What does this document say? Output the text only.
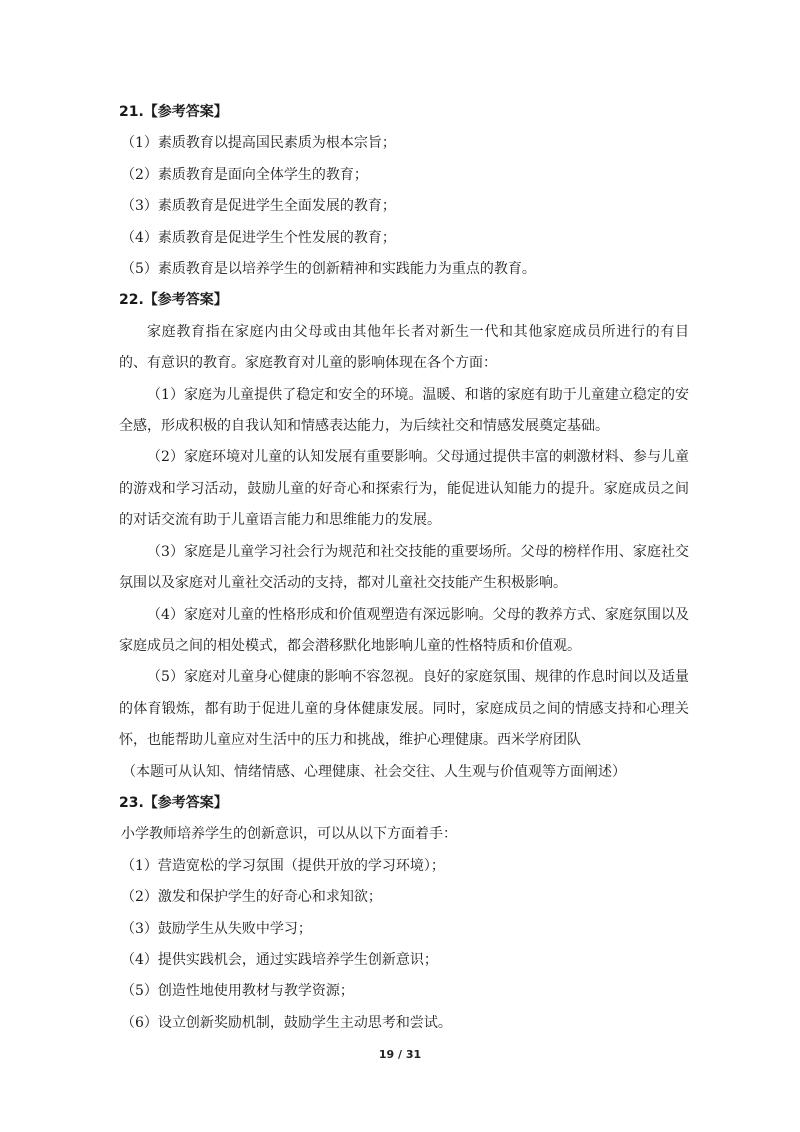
21.【参考答案】

（1）素质教育以提高国民素质为根本宗旨；

（2）素质教育是面向全体学生的教育；

（3）素质教育是促进学生全面发展的教育；

（4）素质教育是促进学生个性发展的教育；

（5）素质教育是以培养学生的创新精神和实践能力为重点的教育。

22.【参考答案】

家庭教育指在家庭内由父母或由其他年长者对新生一代和其他家庭成员所进行的有目的、有意识的教育。家庭教育对儿童的影响体现在各个方面：

（1）家庭为儿童提供了稳定和安全的环境。温暖、和谐的家庭有助于儿童建立稳定的安全感，形成积极的自我认知和情感表达能力，为后续社交和情感发展奠定基础。

（2）家庭环境对儿童的认知发展有重要影响。父母通过提供丰富的刺激材料、参与儿童的游戏和学习活动，鼓励儿童的好奇心和探索行为，能促进认知能力的提升。家庭成员之间的对话交流有助于儿童语言能力和思维能力的发展。

（3）家庭是儿童学习社会行为规范和社交技能的重要场所。父母的榜样作用、家庭社交氛围以及家庭对儿童社交活动的支持，都对儿童社交技能产生积极影响。

（4）家庭对儿童的性格形成和价值观塑造有深远影响。父母的教养方式、家庭氛围以及家庭成员之间的相处模式，都会潜移默化地影响儿童的性格特质和价值观。

（5）家庭对儿童身心健康的影响不容忽视。良好的家庭氛围、规律的作息时间以及适量的体育锻炼，都有助于促进儿童的身体健康发展。同时，家庭成员之间的情感支持和心理关怀，也能帮助儿童应对生活中的压力和挑战，维护心理健康。西米学府团队

（本题可从认知、情绪情感、心理健康、社会交往、人生观与价值观等方面阐述）

23.【参考答案】

小学教师培养学生的创新意识，可以从以下方面着手：

（1）营造宽松的学习氛围（提供开放的学习环境）；

（2）激发和保护学生的好奇心和求知欲；

（3）鼓励学生从失败中学习；

（4）提供实践机会，通过实践培养学生创新意识；

（5）创造性地使用教材与教学资源；

（6）设立创新奖励机制，鼓励学生主动思考和尝试。

19 / 31
